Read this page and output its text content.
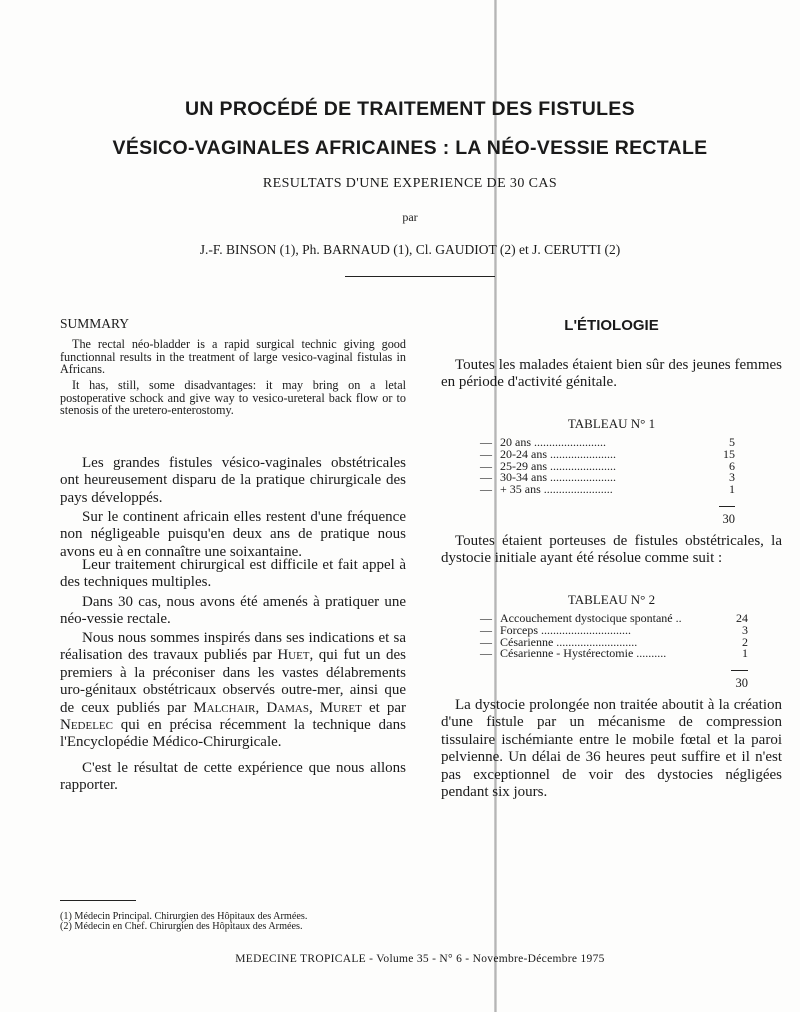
UN PROCÉDÉ DE TRAITEMENT DES FISTULES
VÉSICO-VAGINALES AFRICAINES : LA NÉO-VESSIE RECTALE
RESULTATS D'UNE EXPERIENCE DE 30 CAS
par
J.-F. BINSON (1), Ph. BARNAUD (1), Cl. GAUDIOT (2) et J. CERUTTI (2)
SUMMARY

The rectal néo-bladder is a rapid surgical technic giving good functionnal results in the treatment of large vesico-vaginal fistulas in Africans.

It has, still, some disadvantages: it may bring on a letal postoperative schock and give way to vesico-ureteral back flow or to stenosis of the uretero-enterostomy.

Les grandes fistules vésico-vaginales obstétricales ont heureusement disparu de la pratique chirurgicale des pays développés.

Sur le continent africain elles restent d'une fréquence non négligeable puisqu'en deux ans de pratique nous avons eu à en connaître une soixantaine.

Leur traitement chirurgical est difficile et fait appel à des techniques multiples.

Dans 30 cas, nous avons été amenés à pratiquer une néo-vessie rectale.

Nous nous sommes inspirés dans ses indications et sa réalisation des travaux publiés par Huet, qui fut un des premiers à la préconiser dans les vastes délabrements uro-génitaux obstétricaux observés outre-mer, ainsi que de ceux publiés par Malchair, Damas, Muret et par Nedelec qui en précisa récemment la technique dans l'Encyclopédie Médico-Chirurgicale.

C'est le résultat de cette expérience que nous allons rapporter.

L'ÉTIOLOGIE

Toutes les malades étaient bien sûr des jeunes femmes en période d'activité génitale.

TABLEAU N° 1
— 20 ans ........................	5
— 20-24 ans ......................	15
— 25-29 ans ......................	6
— 30-34 ans ......................	3
— + 35 ans .......................	1
30

Toutes étaient porteuses de fistules obstétricales, la dystocie initiale ayant été résolue comme suit :

TABLEAU N° 2
— Accouchement dystocique spontané ..	24
— Forceps ..............................	3
— Césarienne ...........................	2
— Césarienne - Hystérectomie ..........	1
30

La dystocie prolongée non traitée aboutit à la création d'une fistule par un mécanisme de compression tissulaire ischémiante entre le mobile fœtal et la paroi pelvienne. Un délai de 36 heures peut suffire et il n'est pas exceptionnel de voir des dystocies négligées pendant six jours.

(1) Médecin Principal. Chirurgien des Hôpitaux des Armées.
(2) Médecin en Chef. Chirurgien des Hôpitaux des Armées.
MEDECINE TROPICALE - Volume 35 - N° 6 - Novembre-Décembre 1975
